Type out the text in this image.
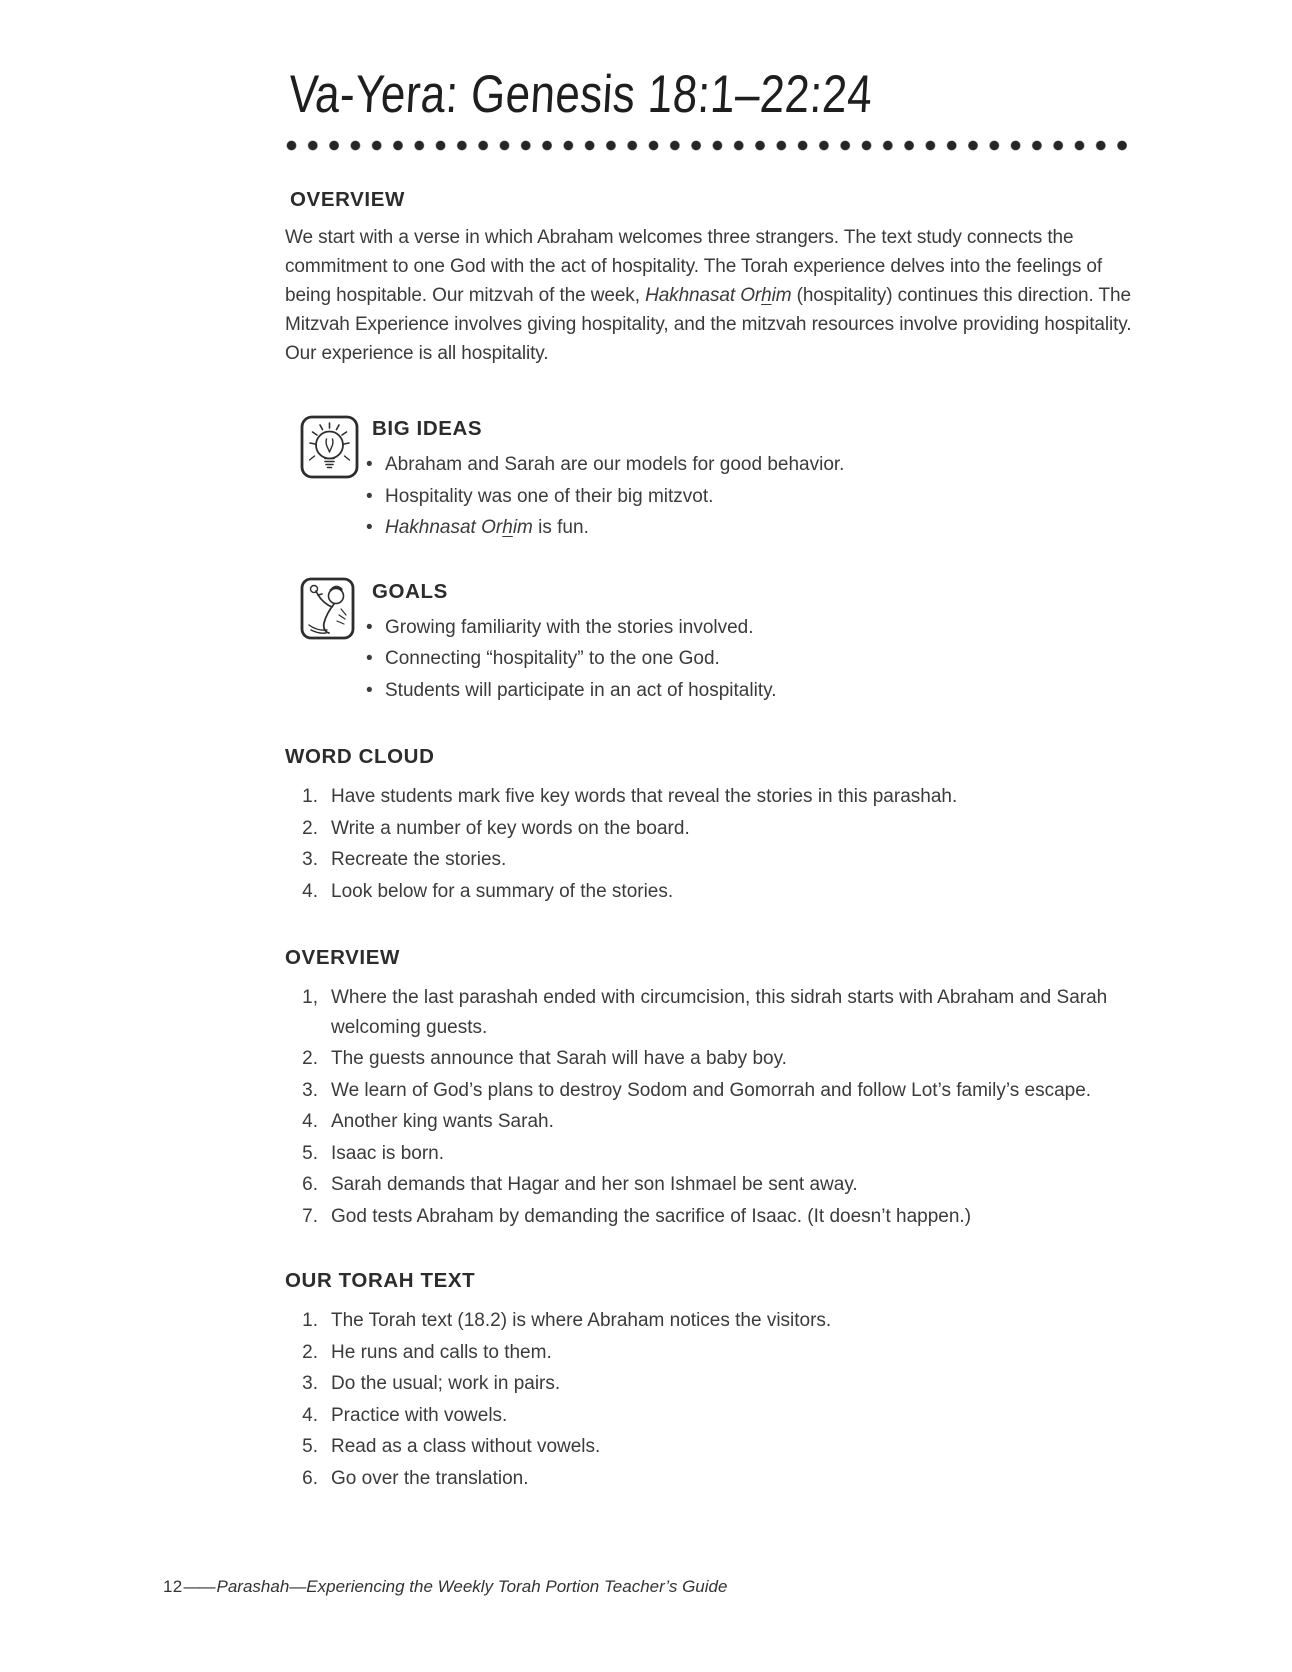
Va-Yera: Genesis 18:1–22:24
OVERVIEW

We start with a verse in which Abraham welcomes three strangers. The text study connects the commitment to one God with the act of hospitality. The Torah experience delves into the feelings of being hospitable. Our mitzvah of the week, Hakhnasat Orhim (hospitality) continues this direction. The Mitzvah Experience involves giving hospitality, and the mitzvah resources involve providing hospitality. Our experience is all hospitality.

BIG IDEAS
• Abraham and Sarah are our models for good behavior.
• Hospitality was one of their big mitzvot.
• Hakhnasat Orhim is fun.
GOALS
• Growing familiarity with the stories involved.
• Connecting “hospitality” to the one God.
• Students will participate in an act of hospitality.
WORD CLOUD
1. Have students mark five key words that reveal the stories in this parashah.
2. Write a number of key words on the board.
3. Recreate the stories.
4. Look below for a summary of the stories.
OVERVIEW
1, Where the last parashah ended with circumcision, this sidrah starts with Abraham and Sarah welcoming guests.
2. The guests announce that Sarah will have a baby boy.
3. We learn of God’s plans to destroy Sodom and Gomorrah and follow Lot’s family’s escape.
4. Another king wants Sarah.
5. Isaac is born.
6. Sarah demands that Hagar and her son Ishmael be sent away.
7. God tests Abraham by demanding the sacrifice of Isaac. (It doesn’t happen.)
OUR TORAH TEXT
1. The Torah text (18.2) is where Abraham notices the visitors.
2. He runs and calls to them.
3. Do the usual; work in pairs.
4. Practice with vowels.
5. Read as a class without vowels.
6. Go over the translation.
12—— Parashah—Experiencing the Weekly Torah Portion Teacher’s Guide
